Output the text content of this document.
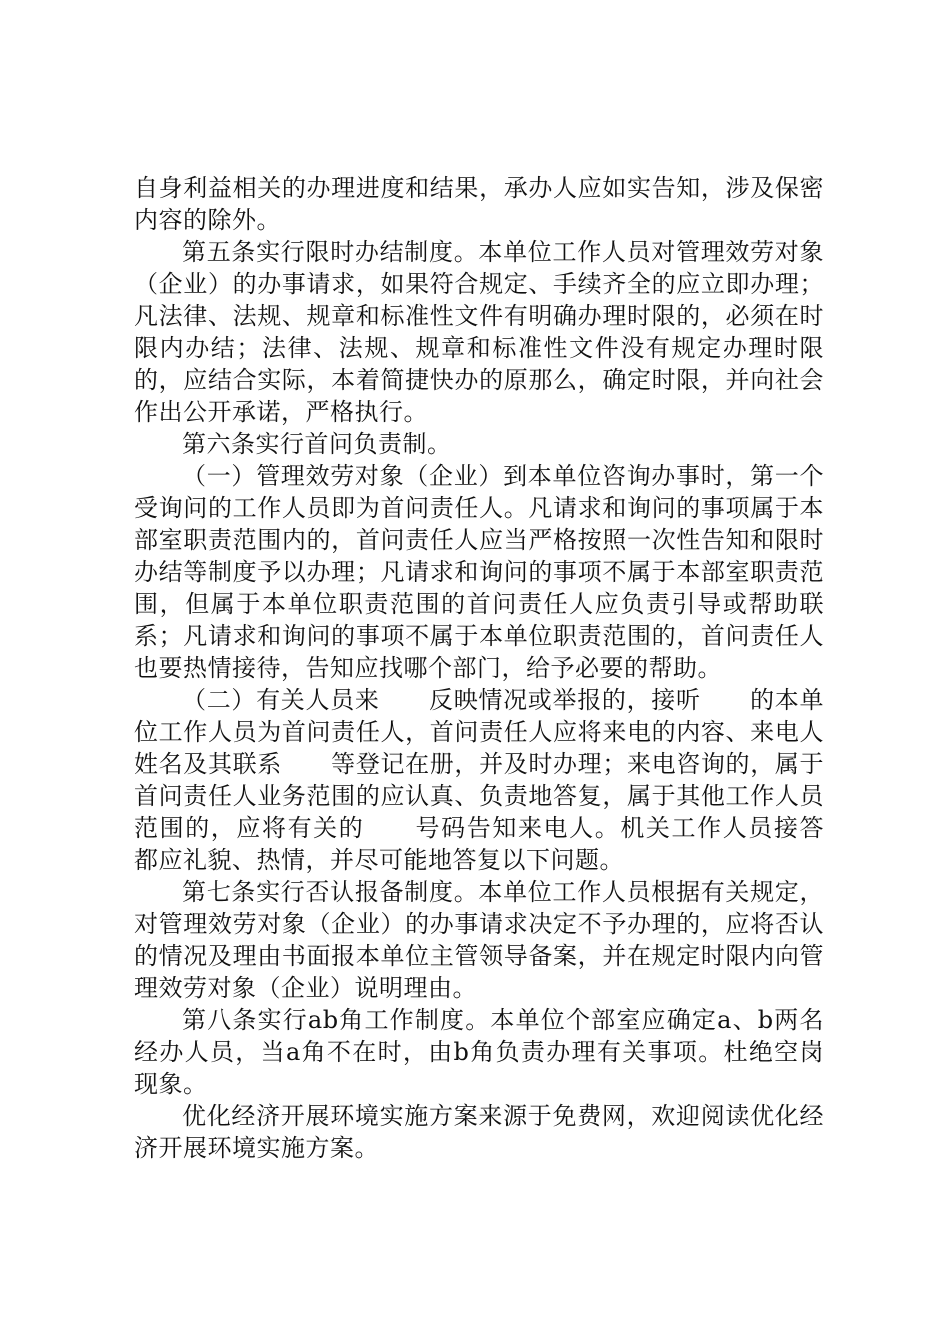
自身利益相关的办理进度和结果，承办人应如实告知，涉及保密内容的除外。

第五条实行限时办结制度。本单位工作人员对管理效劳对象（企业）的办事请求，如果符合规定、手续齐全的应立即办理；凡法律、法规、规章和标准性文件有明确办理时限的，必须在时限内办结；法律、法规、规章和标准性文件没有规定办理时限的，应结合实际，本着简捷快办的原那么，确定时限，并向社会作出公开承诺，严格执行。

第六条实行首问负责制。

（一）管理效劳对象（企业）到本单位咨询办事时，第一个受询问的工作人员即为首问责任人。凡请求和询问的事项属于本部室职责范围内的，首问责任人应当严格按照一次性告知和限时办结等制度予以办理；凡请求和询问的事项不属于本部室职责范围，但属于本单位职责范围的首问责任人应负责引导或帮助联系；凡请求和询问的事项不属于本单位职责范围的，首问责任人也要热情接待，告知应找哪个部门，给予必要的帮助。

（二）有关人员来　　反映情况或举报的，接听　　的本单位工作人员为首问责任人，首问责任人应将来电的内容、来电人姓名及其联系　　等登记在册，并及时办理；来电咨询的，属于首问责任人业务范围的应认真、负责地答复，属于其他工作人员范围的，应将有关的　　号码告知来电人。机关工作人员接答　　都应礼貌、热情，并尽可能地答复以下问题。

第七条实行否认报备制度。本单位工作人员根据有关规定，对管理效劳对象（企业）的办事请求决定不予办理的，应将否认的情况及理由书面报本单位主管领导备案，并在规定时限内向管理效劳对象（企业）说明理由。

第八条实行ab角工作制度。本单位个部室应确定a、b两名经办人员，当a角不在时，由b角负责办理有关事项。杜绝空岗现象。

优化经济开展环境实施方案来源于免费网，欢迎阅读优化经济开展环境实施方案。
